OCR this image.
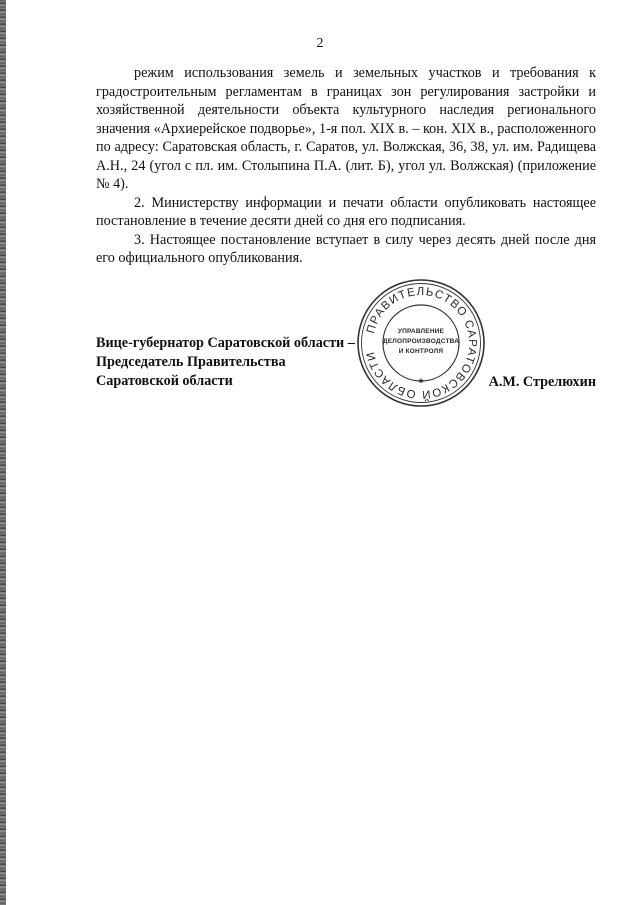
2

режим использования земель и земельных участков и требования к градостроительным регламентам в границах зон регулирования застройки и хозяйственной деятельности объекта культурного наследия регионального значения «Архиерейское подворье», 1-я пол. XIX в. – кон. XIX в., расположенного по адресу: Саратовская область, г. Саратов, ул. Волжская, 36, 38, ул. им. Радищева А.Н., 24 (угол с пл. им. Столыпина П.А. (лит. Б), угол ул. Волжская) (приложение № 4).

2. Министерству информации и печати области опубликовать настоящее постановление в течение десяти дней со дня его подписания.

3. Настоящее постановление вступает в силу через десять дней после дня его официального опубликования.

Вице-губернатор Саратовской области –
Председатель Правительства
Саратовской области
ПРАВИТЕЛЬСТВО САРАТОВСКОЙ ОБЛАСТИ
УПРАВЛЕНИЕ
ДЕЛОПРОИЗВОДСТВА
И КОНТРОЛЯ
*	А.М. Стрелюхин
